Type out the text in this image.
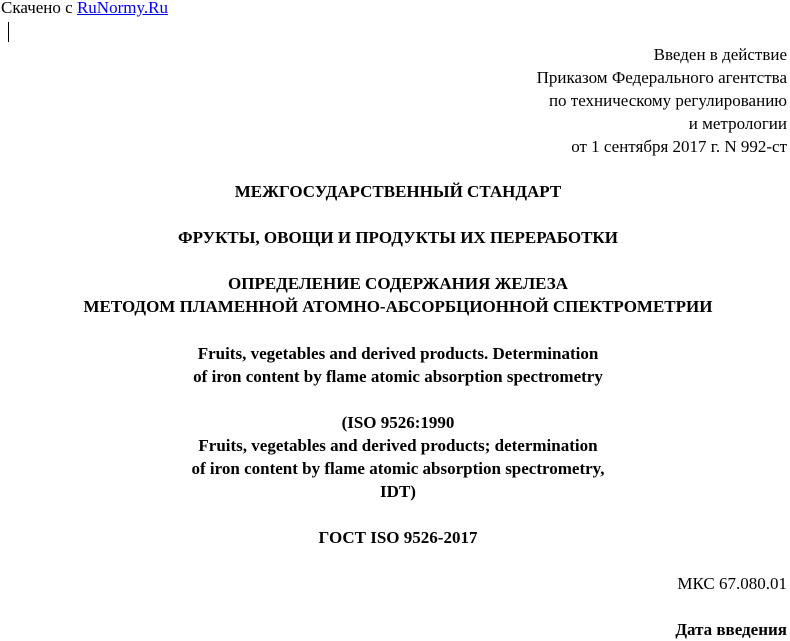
Скачено с RuNormy.Ru
Введен в действие
Приказом Федерального агентства
по техническому регулированию
и метрологии
от 1 сентября 2017 г. N 992-ст
МЕЖГОСУДАРСТВЕННЫЙ СТАНДАРТ
ФРУКТЫ, ОВОЩИ И ПРОДУКТЫ ИХ ПЕРЕРАБОТКИ
ОПРЕДЕЛЕНИЕ СОДЕРЖАНИЯ ЖЕЛЕЗА
МЕТОДОМ ПЛАМЕННОЙ АТОМНО-АБСОРБЦИОННОЙ СПЕКТРОМЕТРИИ
Fruits, vegetables and derived products. Determination
of iron content by flame atomic absorption spectrometry
(ISO 9526:1990
Fruits, vegetables and derived products; determination
of iron content by flame atomic absorption spectrometry,
IDT)
ГОСТ ISO 9526-2017
МКС 67.080.01
Дата введения
